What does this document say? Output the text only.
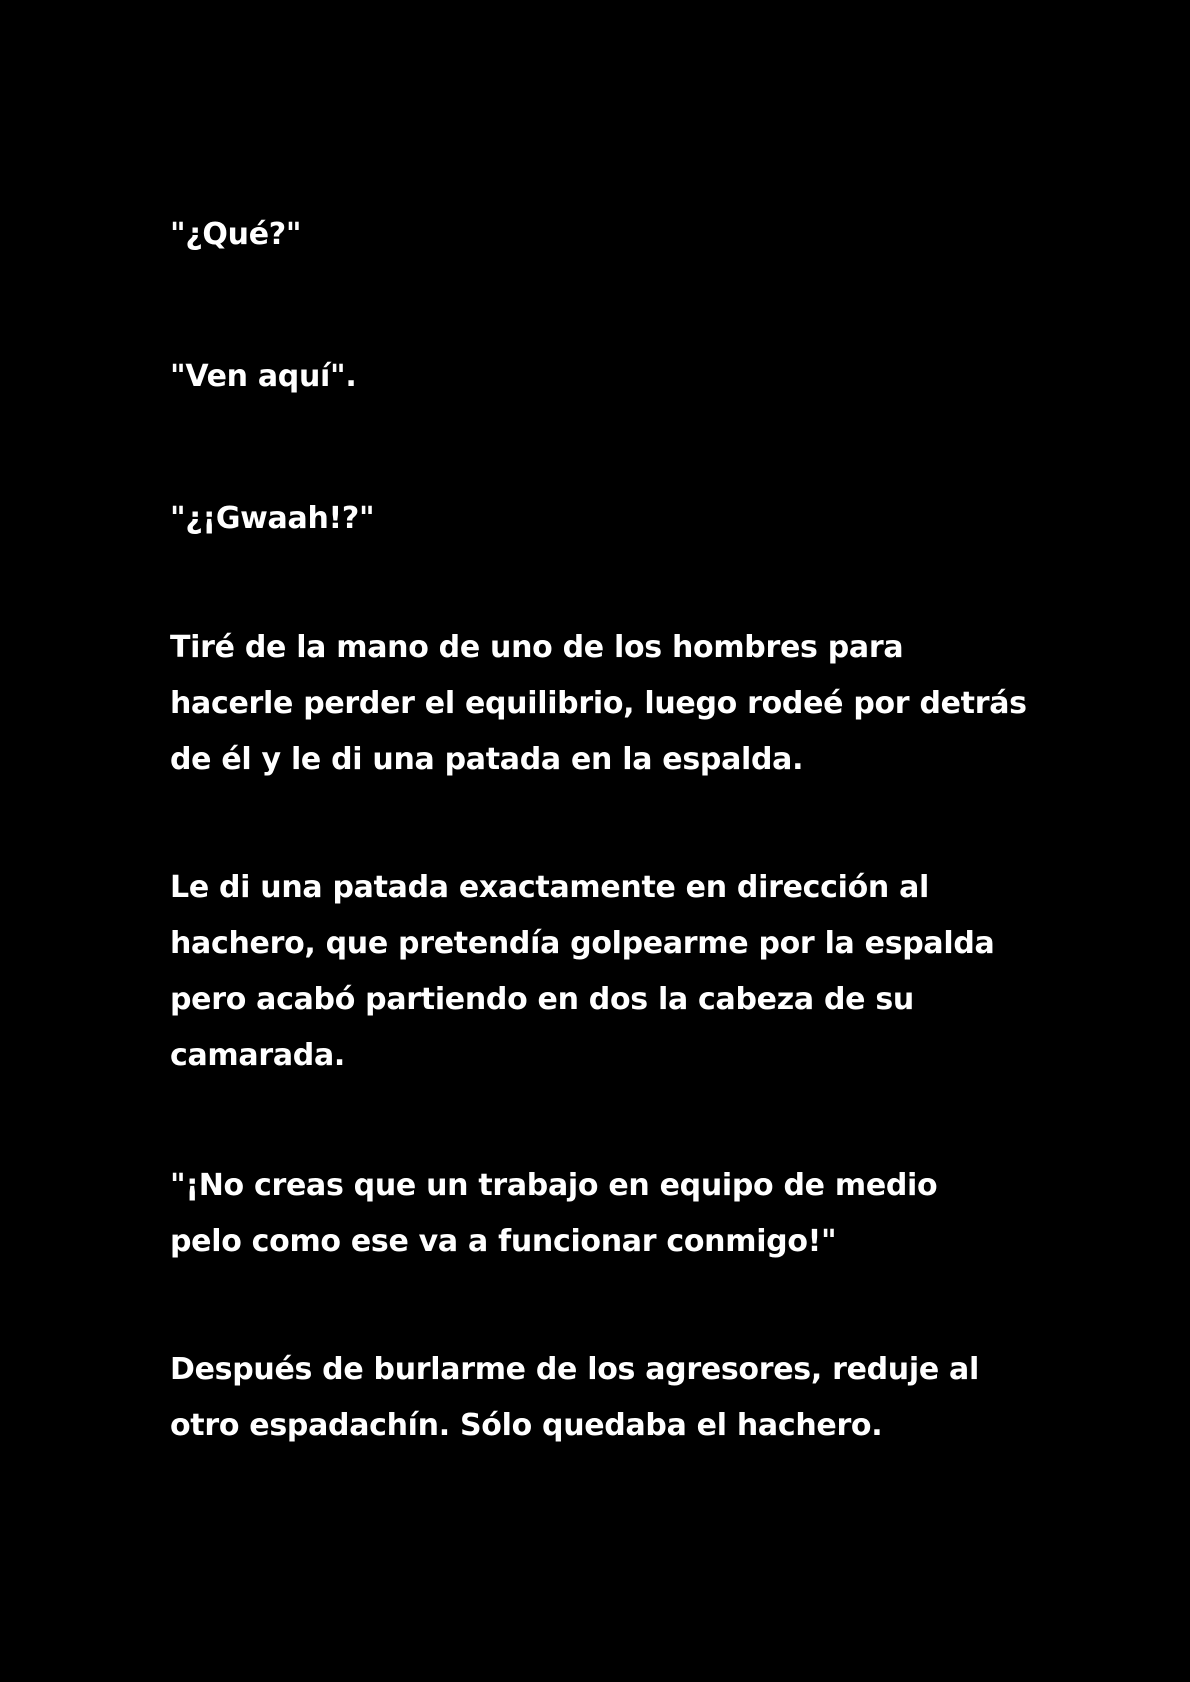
"¿Qué?"

"Ven aquí".

"¿¡Gwaah!?"

Tiré de la mano de uno de los hombres para
hacerle perder el equilibrio, luego rodeé por detrás
de él y le di una patada en la espalda.

Le di una patada exactamente en dirección al
hachero, que pretendía golpearme por la espalda
pero acabó partiendo en dos la cabeza de su
camarada.

"¡No creas que un trabajo en equipo de medio
pelo como ese va a funcionar conmigo!"

Después de burlarme de los agresores, reduje al
otro espadachín. Sólo quedaba el hachero.
